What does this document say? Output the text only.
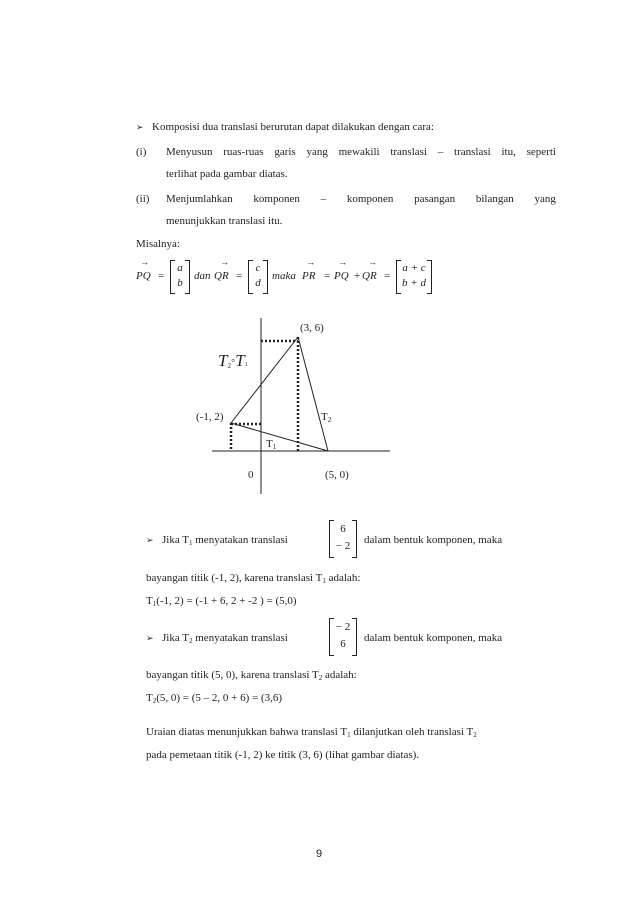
➢ Komposisi dua translasi berurutan dapat dilakukan dengan cara:
(i)	Menyusun ruas-ruas garis yang mewakili translasi – translasi itu, seperti
terlihat pada gambar diatas.
(ii)	Menjumlahkan komponen – komponen pasangan bilangan yang
menunjukkan translasi itu.
Misalnya:
→
PQ =
a
b
dan
→
QR =
c
d
maka
→
PR =
→
PQ +
→
QR =
a + c
b + d
(3, 6)
(-1, 2)
(5, 0)
0
T1
T2
T2◦T1
➢ Jika $T_1$ menyatakan translasi
6
− 2	dalam bentuk komponen, maka
bayangan titik (-1, 2), karena translasi $T_1$ adalah:
$T_1(-1$, 2) = (-1 + 6, 2 + -2 ) = (5,0)
➢ Jika $T_2$ menyatakan translasi
− 2
6	dalam bentuk komponen, maka
bayangan titik (5, 0), karena translasi $T_2$ adalah:
$T_2(5$, 0) = (5 – 2, 0 + 6) = (3,6)
Uraian diatas menunjukkan bahwa translasi $T_1$ dilanjutkan oleh translasi $T_2$
pada pemetaan titik (-1, 2) ke titik (3, 6) (lihat gambar diatas).
9
